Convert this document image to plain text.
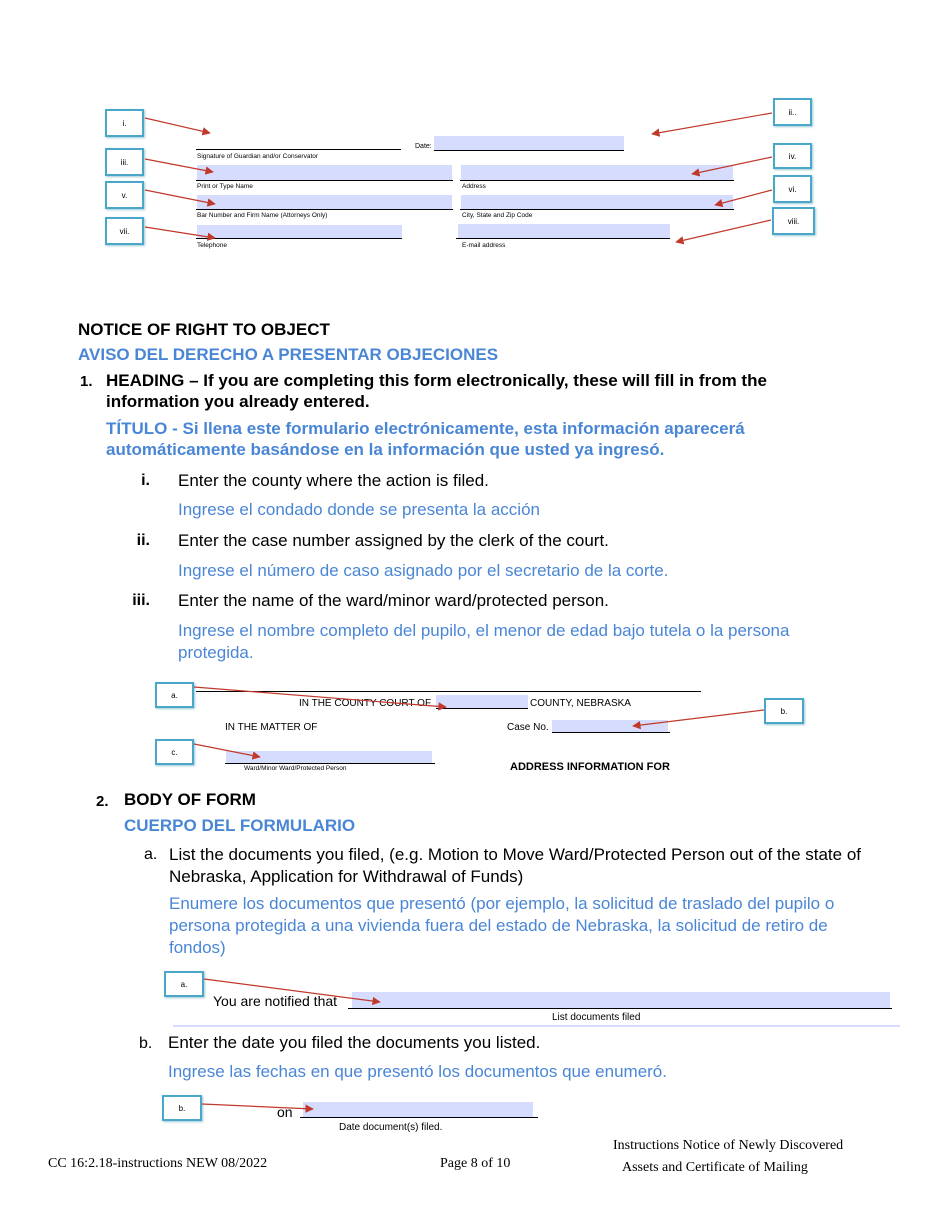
Signature of Guardian and/or Conservator
Date:
Print or Type Name	Address
Bar Number and Firm Name (Attorneys Only)	City, State and Zip Code
Telephone	E-mail address
i.
ii..
iii.
iv.
v.
vi.
vii.
viii.
NOTICE OF RIGHT TO OBJECT
AVISO DEL DERECHO A PRESENTAR OBJECIONES
1. HEADING – If you are completing this form electronically, these will fill in from the information you already entered.
TÍTULO - Si llena este formulario electrónicamente, esta información aparecerá automáticamente basándose en la información que usted ya ingresó.
i. Enter the county where the action is filed.
Ingrese el condado donde se presenta la acción
ii. Enter the case number assigned by the clerk of the court.
Ingrese el número de caso asignado por el secretario de la corte.
iii. Enter the name of the ward/minor ward/protected person.
Ingrese el nombre completo del pupilo, el menor de edad bajo tutela o la persona protegida.
IN THE COUNTY COURT OF	COUNTY, NEBRASKA
IN THE MATTER OF	Case No.
Ward/Minor Ward/Protected Person	ADDRESS INFORMATION FOR
a.
b.
c.
2. BODY OF FORM
CUERPO DEL FORMULARIO
a. List the documents you filed, (e.g. Motion to Move Ward/Protected Person out of the state of Nebraska, Application for Withdrawal of Funds)
Enumere los documentos que presentó (por ejemplo, la solicitud de traslado del pupilo o persona protegida a una vivienda fuera del estado de Nebraska, la solicitud de retiro de fondos)
You are notified that
List documents filed
a.
b. Enter the date you filed the documents you listed.
Ingrese las fechas en que presentó los documentos que enumeró.
on
Date document(s) filed.
b.
CC 16:2.18-instructions NEW 08/2022	Page 8 of 10
Instructions Notice of Newly Discovered
Assets and Certificate of Mailing
